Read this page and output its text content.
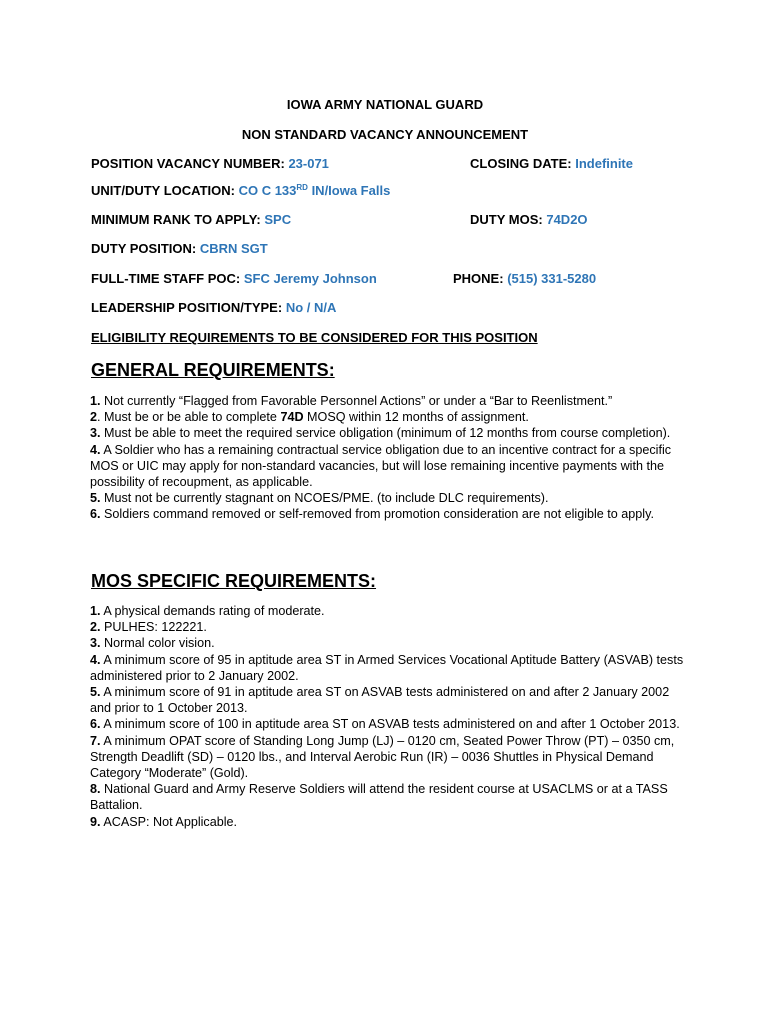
IOWA ARMY NATIONAL GUARD
NON STANDARD VACANCY ANNOUNCEMENT
POSITION VACANCY NUMBER: 23-071	CLOSING DATE: Indefinite
UNIT/DUTY LOCATION: CO C 133RD IN/Iowa Falls
MINIMUM RANK TO APPLY: SPC	DUTY MOS: 74D2O
DUTY POSITION: CBRN SGT
FULL-TIME STAFF POC: SFC Jeremy Johnson	PHONE: (515) 331-5280
LEADERSHIP POSITION/TYPE: No / N/A
ELIGIBILITY REQUIREMENTS TO BE CONSIDERED FOR THIS POSITION
GENERAL REQUIREMENTS:
1. Not currently “Flagged from Favorable Personnel Actions” or under a “Bar to Reenlistment.”
2. Must be or be able to complete 74D MOSQ within 12 months of assignment.
3. Must be able to meet the required service obligation (minimum of 12 months from course completion).
4. A Soldier who has a remaining contractual service obligation due to an incentive contract for a specific MOS or UIC may apply for non-standard vacancies, but will lose remaining incentive payments with the possibility of recoupment, as applicable.
5. Must not be currently stagnant on NCOES/PME. (to include DLC requirements).
6. Soldiers command removed or self-removed from promotion consideration are not eligible to apply.
MOS SPECIFIC REQUIREMENTS:
1. A physical demands rating of moderate.
2. PULHES: 122221.
3. Normal color vision.
4. A minimum score of 95 in aptitude area ST in Armed Services Vocational Aptitude Battery (ASVAB) tests administered prior to 2 January 2002.
5. A minimum score of 91 in aptitude area ST on ASVAB tests administered on and after 2 January 2002 and prior to 1 October 2013.
6. A minimum score of 100 in aptitude area ST on ASVAB tests administered on and after 1 October 2013.
7. A minimum OPAT score of Standing Long Jump (LJ) – 0120 cm, Seated Power Throw (PT) – 0350 cm, Strength Deadlift (SD) – 0120 lbs., and Interval Aerobic Run (IR) – 0036 Shuttles in Physical Demand Category “Moderate” (Gold).
8. National Guard and Army Reserve Soldiers will attend the resident course at USACLMS or at a TASS Battalion.
9. ACASP: Not Applicable.
